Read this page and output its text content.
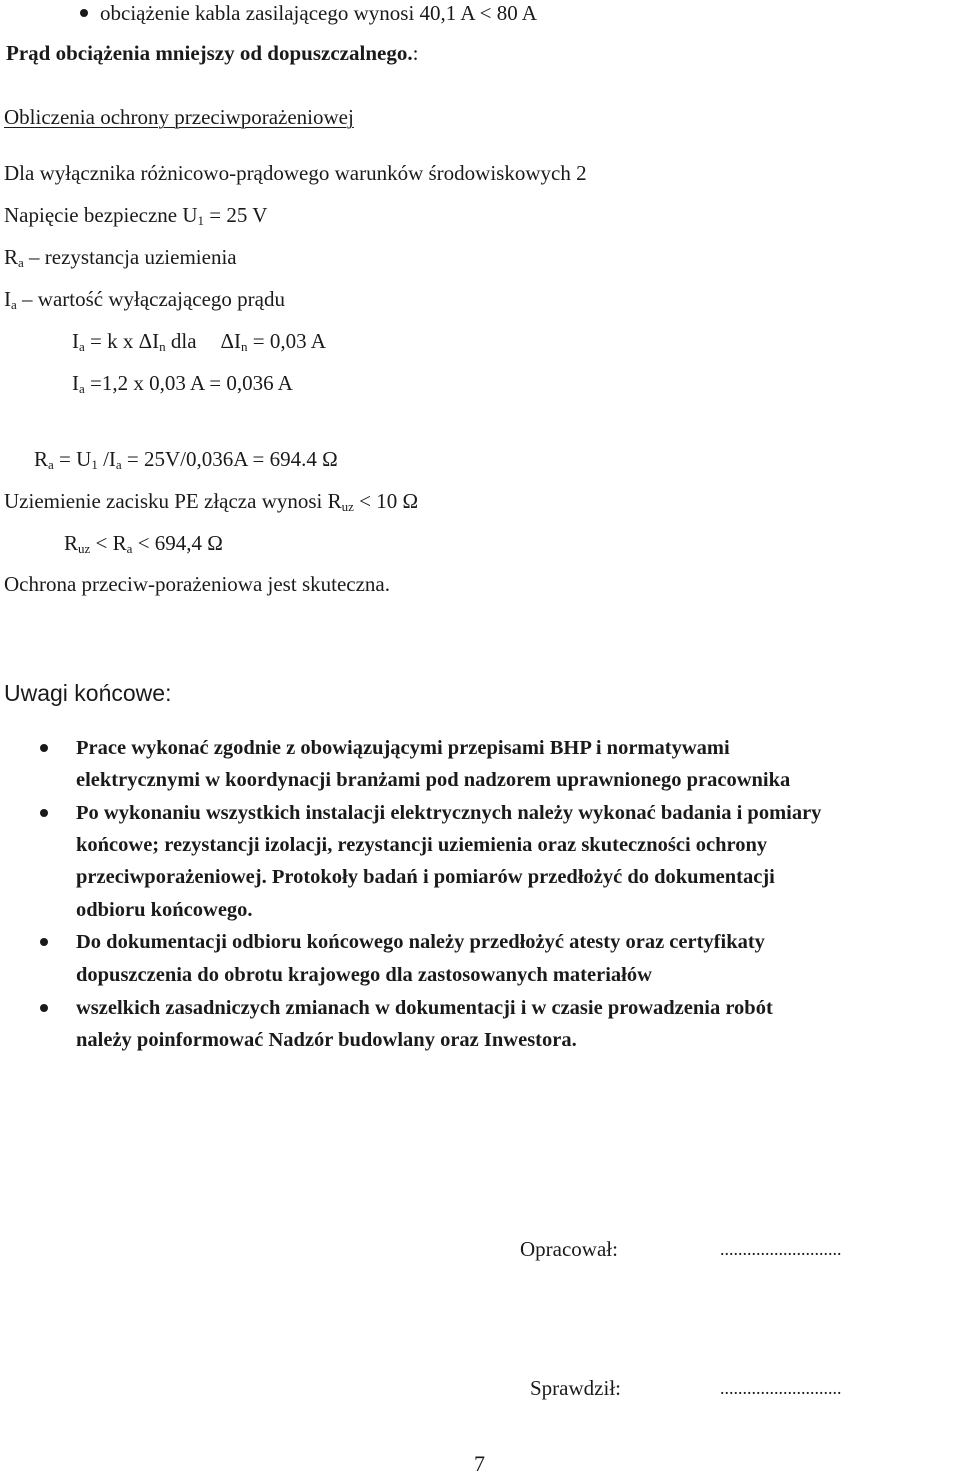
obciążenie kabla zasilającego wynosi 40,1 A < 80 A
Prąd obciążenia mniejszy od dopuszczalnego.:
Obliczenia ochrony przeciwporażeniowej
Dla wyłącznika różnicowo-prądowego warunków środowiskowych 2
Napięcie bezpieczne $U_1 = 25$ V
$R_a$ – rezystancja uziemienia
$I_a$ – wartość wyłączającego prądu
$I_a = k$ x $\Delta I_n$ dla $\Delta I_n = 0,03$ A
$I_a =1,2$ x 0,03 A = 0,036 A
$R_a = U_1$ $/I_a = 25V/0,036A = 694.4$ Ω
Uziemienie zacisku PE złącza wynosi $R_{uz} < 10$ Ω
$R_{uz} < R_a < 694,4$ Ω
Ochrona przeciw-porażeniowa jest skuteczna.
Uwagi końcowe:
Prace wykonać zgodnie z obowiązującymi przepisami BHP i normatywami
elektrycznymi w koordynacji branżami pod nadzorem uprawnionego pracownika
Po wykonaniu wszystkich instalacji elektrycznych należy wykonać badania i pomiary
końcowe; rezystancji izolacji, rezystancji uziemienia oraz skuteczności ochrony
przeciwporażeniowej. Protokoły badań i pomiarów przedłożyć do dokumentacji
odbioru końcowego.
Do dokumentacji odbioru końcowego należy przedłożyć atesty oraz certyfikaty
dopuszczenia do obrotu krajowego dla zastosowanych materiałów
wszelkich zasadniczych zmianach w dokumentacji i w czasie prowadzenia robót
należy poinformować Nadzór budowlany oraz Inwestora.
Opracował:	...........................
Sprawdził:	...........................
7
